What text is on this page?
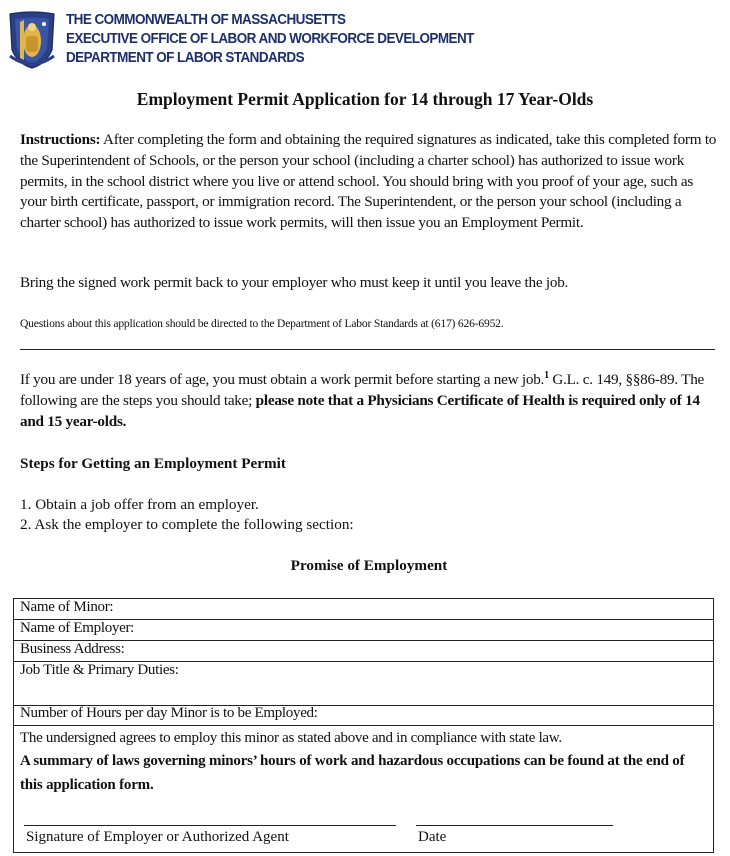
THE COMMONWEALTH OF MASSACHUSETTS
EXECUTIVE OFFICE OF LABOR AND WORKFORCE DEVELOPMENT
DEPARTMENT OF LABOR STANDARDS
Employment Permit Application for 14 through 17 Year-Olds
Instructions: After completing the form and obtaining the required signatures as indicated, take this completed form to the Superintendent of Schools, or the person your school (including a charter school) has authorized to issue work permits, in the school district where you live or attend school. You should bring with you proof of your age, such as your birth certificate, passport, or immigration record. The Superintendent, or the person your school (including a charter school) has authorized to issue work permits, will then issue you an Employment Permit.
Bring the signed work permit back to your employer who must keep it until you leave the job.
Questions about this application should be directed to the Department of Labor Standards at (617) 626-6952.
If you are under 18 years of age, you must obtain a work permit before starting a new job.$^1$ G.L. c. 149, §§86-89. The following are the steps you should take; please note that a Physicians Certificate of Health is required only of 14 and 15 year-olds.
Steps for Getting an Employment Permit
1. Obtain a job offer from an employer.
2. Ask the employer to complete the following section:
Promise of Employment
Name of Minor:
Name of Employer:
Business Address:
Job Title & Primary Duties:
Number of Hours per day Minor is to be Employed:
The undersigned agrees to employ this minor as stated above and in compliance with state law.
A summary of laws governing minors’ hours of work and hazardous occupations can be found at the end of this application form.
Signature of Employer or Authorized Agent	Date
